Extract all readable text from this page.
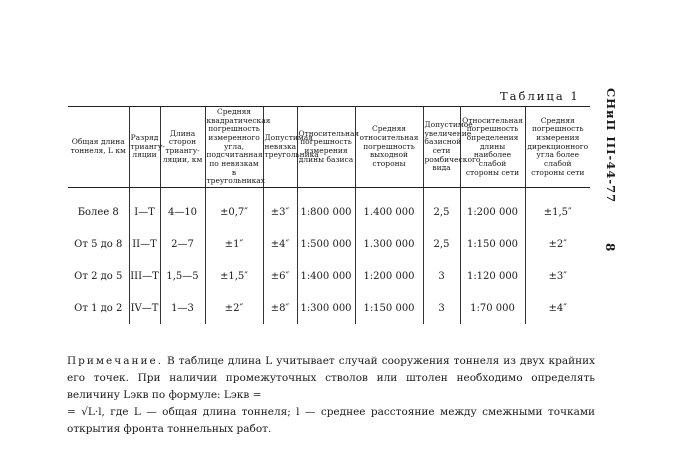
Таблица 1 СНиП III-44-77
8
Общая длина тоннеля, L км	Разряд триангу- ляции	Длина сторон триангу- ляции, км	Средняя квадратическая погрешность измеренного угла, подсчитанная по невязкам в треугольниках	Допустимая невязка треугольника	Относительная погрешность измерения длины базиса	Средняя относительная погрешность выходной стороны	Допустимое увеличение базисной сети ромбического вида	Относительная погрешность определения длины наиболее слабой стороны сети	Средняя погрешность измерения дирекционного угла более слабой стороны сети
Более 8	I—T	4—10	±0,7″	±3″	1:800 000	1.400 000	2,5	1:200 000	±1,5″
От 5 до 8	II—T	2—7	±1″	±4″	1:500 000	1.300 000	2,5	1:150 000	±2″
От 2 до 5	III—T	1,5—5	±1,5″	±6″	1:400 000	1:200 000	3	1:120 000	±3″
От 1 до 2	IV—T	1—3	±2″	±8″	1:300 000	1:150 000	3	1:70 000	±4″

Примечание. В таблице длина L учитывает случай сооружения тоннеля из двух крайних его точек. При наличии промежуточных стволов или штолен необходимо определять величину Lэкв по формуле: Lэкв =

= √L·l, где L — общая длина тоннеля; l — среднее расстояние между смежными точками открытия фронта тоннельных работ.
